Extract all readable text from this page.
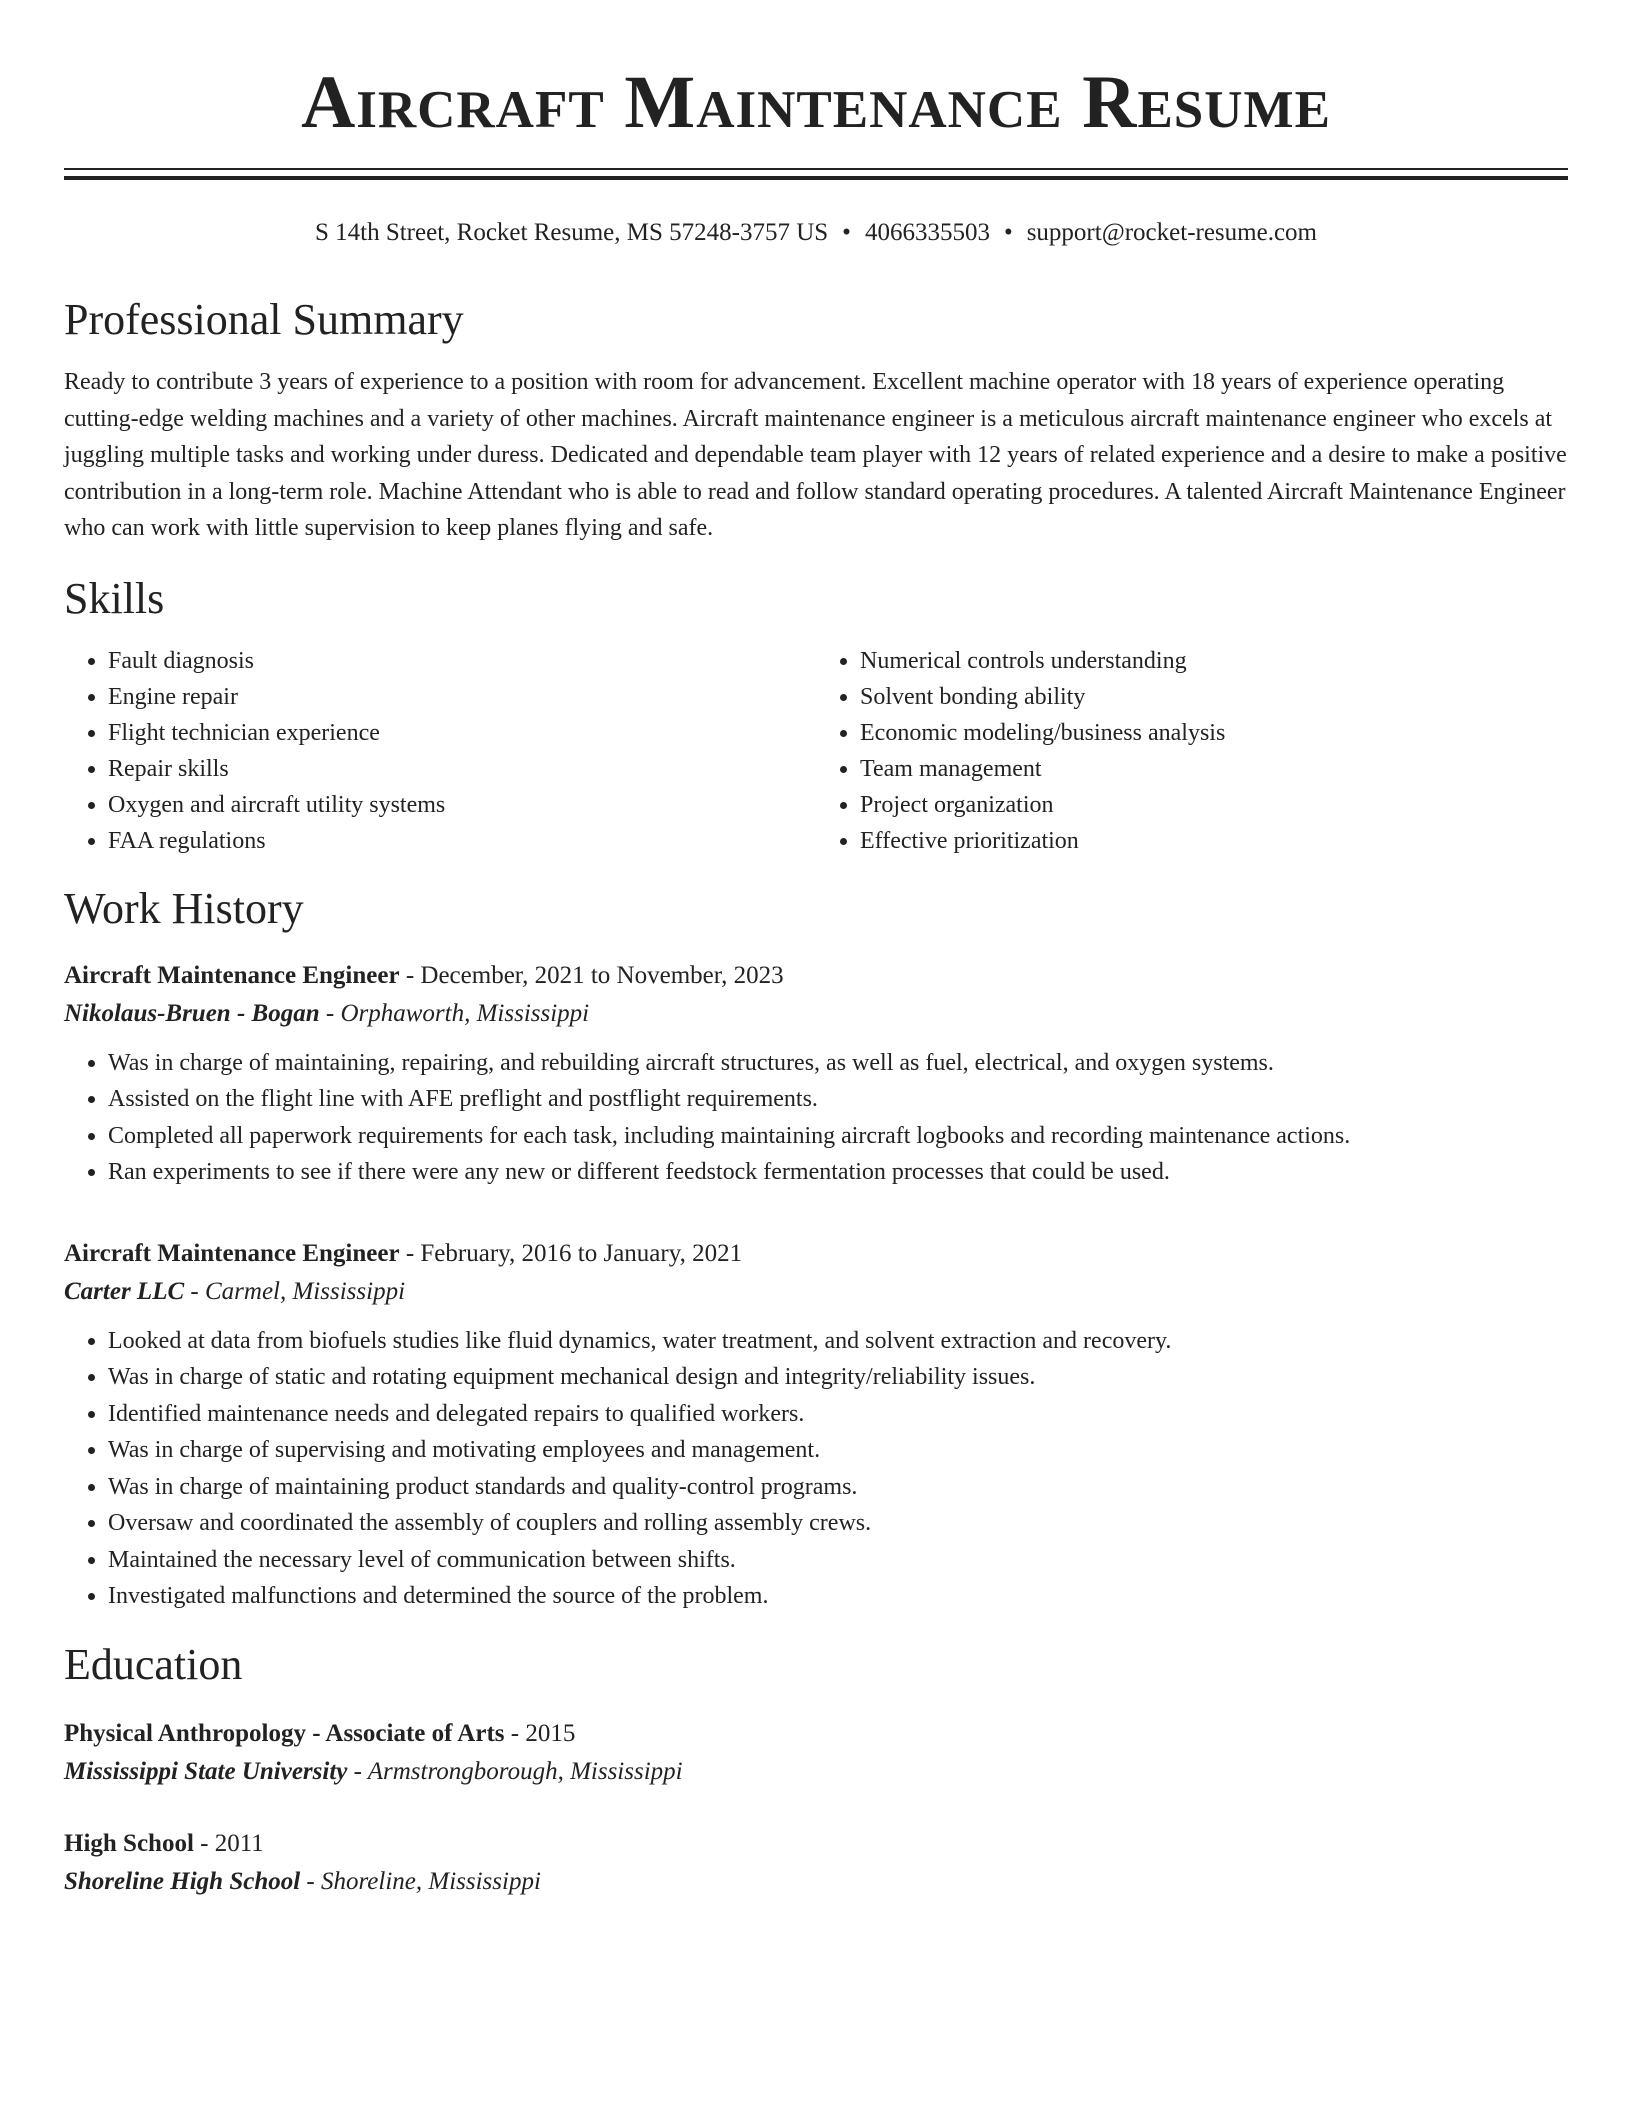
Aircraft Maintenance Resume
S 14th Street, Rocket Resume, MS 57248-3757 US • 4066335503 • support@rocket-resume.com
Professional Summary
Ready to contribute 3 years of experience to a position with room for advancement. Excellent machine operator with 18 years of experience operating cutting-edge welding machines and a variety of other machines. Aircraft maintenance engineer is a meticulous aircraft maintenance engineer who excels at juggling multiple tasks and working under duress. Dedicated and dependable team player with 12 years of related experience and a desire to make a positive contribution in a long-term role. Machine Attendant who is able to read and follow standard operating procedures. A talented Aircraft Maintenance Engineer who can work with little supervision to keep planes flying and safe.
Skills
• Fault diagnosis
• Engine repair
• Flight technician experience
• Repair skills
• Oxygen and aircraft utility systems
• FAA regulations
• Numerical controls understanding
• Solvent bonding ability
• Economic modeling/business analysis
• Team management
• Project organization
• Effective prioritization
Work History
Aircraft Maintenance Engineer - December, 2021 to November, 2023
Nikolaus-Bruen - Bogan - Orphaworth, Mississippi
• Was in charge of maintaining, repairing, and rebuilding aircraft structures, as well as fuel, electrical, and oxygen systems.
• Assisted on the flight line with AFE preflight and postflight requirements.
• Completed all paperwork requirements for each task, including maintaining aircraft logbooks and recording maintenance actions.
• Ran experiments to see if there were any new or different feedstock fermentation processes that could be used.
Aircraft Maintenance Engineer - February, 2016 to January, 2021
Carter LLC - Carmel, Mississippi
• Looked at data from biofuels studies like fluid dynamics, water treatment, and solvent extraction and recovery.
• Was in charge of static and rotating equipment mechanical design and integrity/reliability issues.
• Identified maintenance needs and delegated repairs to qualified workers.
• Was in charge of supervising and motivating employees and management.
• Was in charge of maintaining product standards and quality-control programs.
• Oversaw and coordinated the assembly of couplers and rolling assembly crews.
• Maintained the necessary level of communication between shifts.
• Investigated malfunctions and determined the source of the problem.
Education
Physical Anthropology - Associate of Arts - 2015
Mississippi State University - Armstrongborough, Mississippi
High School - 2011
Shoreline High School - Shoreline, Mississippi
